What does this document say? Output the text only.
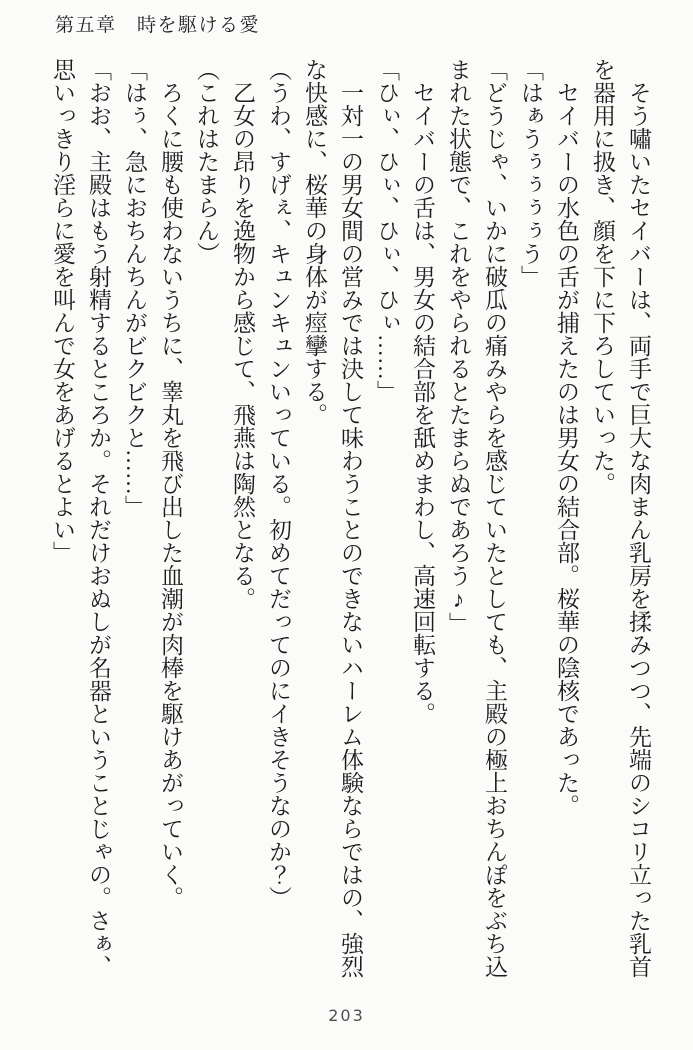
第五章　時を駆ける愛

そう嘯いたセイバーは、両手で巨大な肉まん乳房を揉みつつ、先端のシコリ立った乳首

を器用に扱き、顔を下に下ろしていった。

セイバーの水色の舌が捕えたのは男女の結合部。桜華の陰核であった。

「はぁうぅぅぅぅう」

「どうじゃ、いかに破瓜の痛みやらを感じていたとしても、主殿の極上おちんぽをぶち込

まれた状態で、これをやられるとたまらぬであろう♪」

セイバーの舌は、男女の結合部を舐めまわし、高速回転する。

「ひぃ、ひぃ、ひぃ、ひぃ……」

一対一の男女間の営みでは決して味わうことのできないハーレム体験ならではの、強烈

な快感に、桜華の身体が痙攣する。

（うわ、すげぇ、キュンキュンいっている。初めてだってのにイきそうなのか？）

乙女の昂りを逸物から感じて、飛燕は陶然となる。

（これはたまらん）

ろくに腰も使わないうちに、睾丸を飛び出した血潮が肉棒を駆けあがっていく。

「はぅ、急におちんちんがビクビクと……」

「おお、主殿はもう射精するところか。それだけおぬしが名器ということじゃの。さぁ、

思いっきり淫らに愛を叫んで女をあげるとよい」

203
